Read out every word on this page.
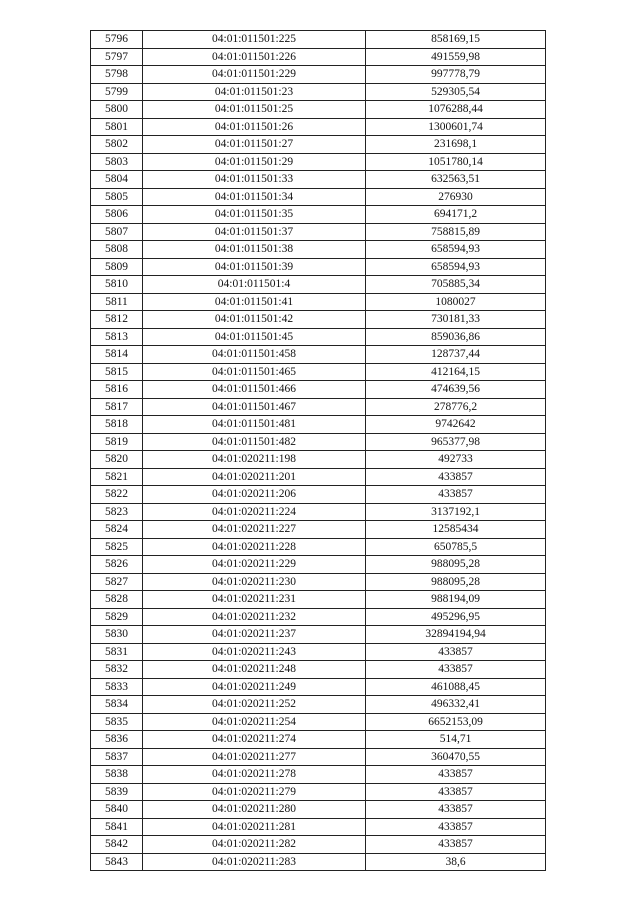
5796	04:01:011501:225	858169,15
5797	04:01:011501:226	491559,98
5798	04:01:011501:229	997778,79
5799	04:01:011501:23	529305,54
5800	04:01:011501:25	1076288,44
5801	04:01:011501:26	1300601,74
5802	04:01:011501:27	231698,1
5803	04:01:011501:29	1051780,14
5804	04:01:011501:33	632563,51
5805	04:01:011501:34	276930
5806	04:01:011501:35	694171,2
5807	04:01:011501:37	758815,89
5808	04:01:011501:38	658594,93
5809	04:01:011501:39	658594,93
5810	04:01:011501:4	705885,34
5811	04:01:011501:41	1080027
5812	04:01:011501:42	730181,33
5813	04:01:011501:45	859036,86
5814	04:01:011501:458	128737,44
5815	04:01:011501:465	412164,15
5816	04:01:011501:466	474639,56
5817	04:01:011501:467	278776,2
5818	04:01:011501:481	9742642
5819	04:01:011501:482	965377,98
5820	04:01:020211:198	492733
5821	04:01:020211:201	433857
5822	04:01:020211:206	433857
5823	04:01:020211:224	3137192,1
5824	04:01:020211:227	12585434
5825	04:01:020211:228	650785,5
5826	04:01:020211:229	988095,28
5827	04:01:020211:230	988095,28
5828	04:01:020211:231	988194,09
5829	04:01:020211:232	495296,95
5830	04:01:020211:237	32894194,94
5831	04:01:020211:243	433857
5832	04:01:020211:248	433857
5833	04:01:020211:249	461088,45
5834	04:01:020211:252	496332,41
5835	04:01:020211:254	6652153,09
5836	04:01:020211:274	514,71
5837	04:01:020211:277	360470,55
5838	04:01:020211:278	433857
5839	04:01:020211:279	433857
5840	04:01:020211:280	433857
5841	04:01:020211:281	433857
5842	04:01:020211:282	433857
5843	04:01:020211:283	38,6
